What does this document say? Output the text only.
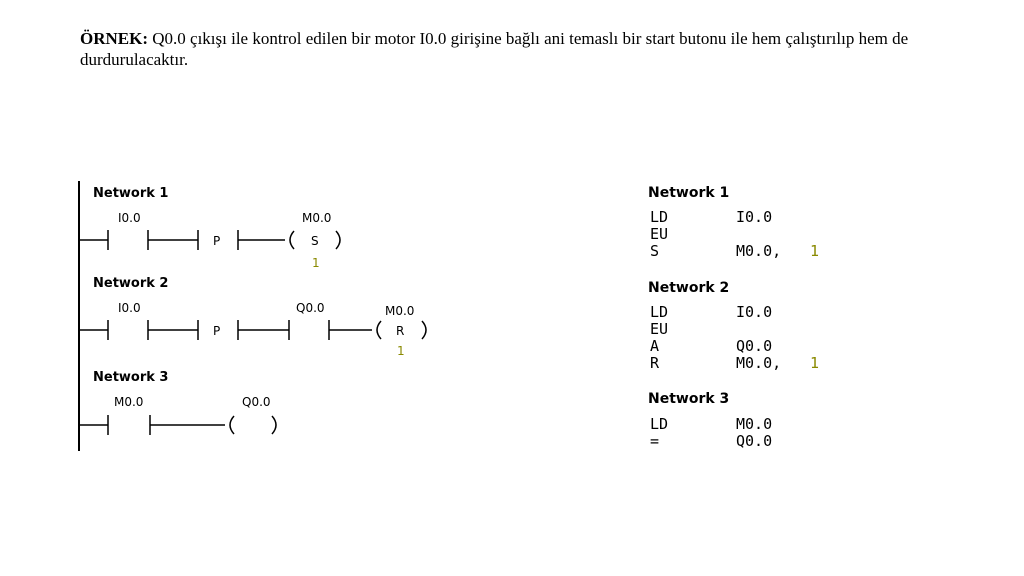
ÖRNEK: Q0.0 çıkışı ile kontrol edilen bir motor I0.0 girişine bağlı ani temaslı bir start butonu ile hem çalıştırılıp hem de durdurulacaktır.
Network 1
I0.0
P
M0.0
S
1
Network 2
I0.0
P
Q0.0	M0.0
R
1
Network 3
M0.0	Q0.0
Network 1
LD	I0.0
EU
S	M0.0, 1
Network 2
LD	I0.0
EU
A	Q0.0
R	M0.0, 1
Network 3
LD	M0.0
=	Q0.0
